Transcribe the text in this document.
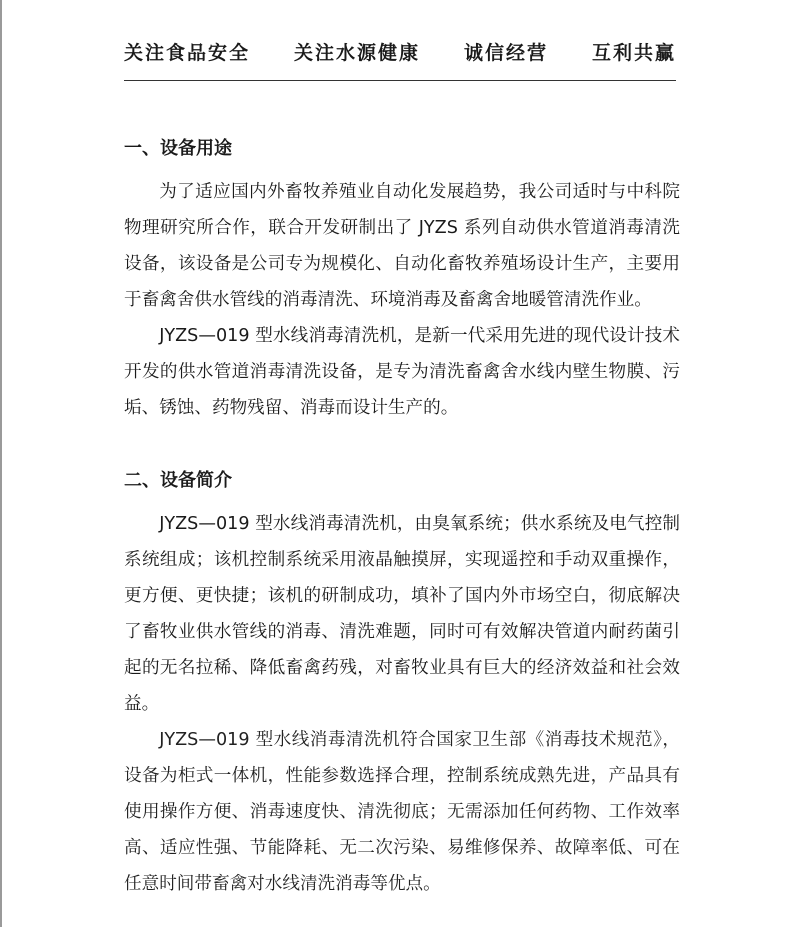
关注食品安全 关注水源健康 诚信经营 互利共赢
一、设备用途

为了适应国内外畜牧养殖业自动化发展趋势，我公司适时与中科院物理研究所合作，联合开发研制出了 JYZS 系列自动供水管道消毒清洗设备，该设备是公司专为规模化、自动化畜牧养殖场设计生产，主要用于畜禽舍供水管线的消毒清洗、环境消毒及畜禽舍地暖管清洗作业。

JYZS—019 型水线消毒清洗机，是新一代采用先进的现代设计技术开发的供水管道消毒清洗设备，是专为清洗畜禽舍水线内壁生物膜、污垢、锈蚀、药物残留、消毒而设计生产的。

二、设备简介

JYZS—019 型水线消毒清洗机，由臭氧系统；供水系统及电气控制系统组成；该机控制系统采用液晶触摸屏，实现遥控和手动双重操作，更方便、更快捷；该机的研制成功，填补了国内外市场空白，彻底解决了畜牧业供水管线的消毒、清洗难题，同时可有效解决管道内耐药菌引起的无名拉稀、降低畜禽药残，对畜牧业具有巨大的经济效益和社会效益。

JYZS—019 型水线消毒清洗机符合国家卫生部《消毒技术规范》，设备为柜式一体机，性能参数选择合理，控制系统成熟先进，产品具有使用操作方便、消毒速度快、清洗彻底；无需添加任何药物、工作效率高、适应性强、节能降耗、无二次污染、易维修保养、故障率低、可在任意时间带畜禽对水线清洗消毒等优点。
